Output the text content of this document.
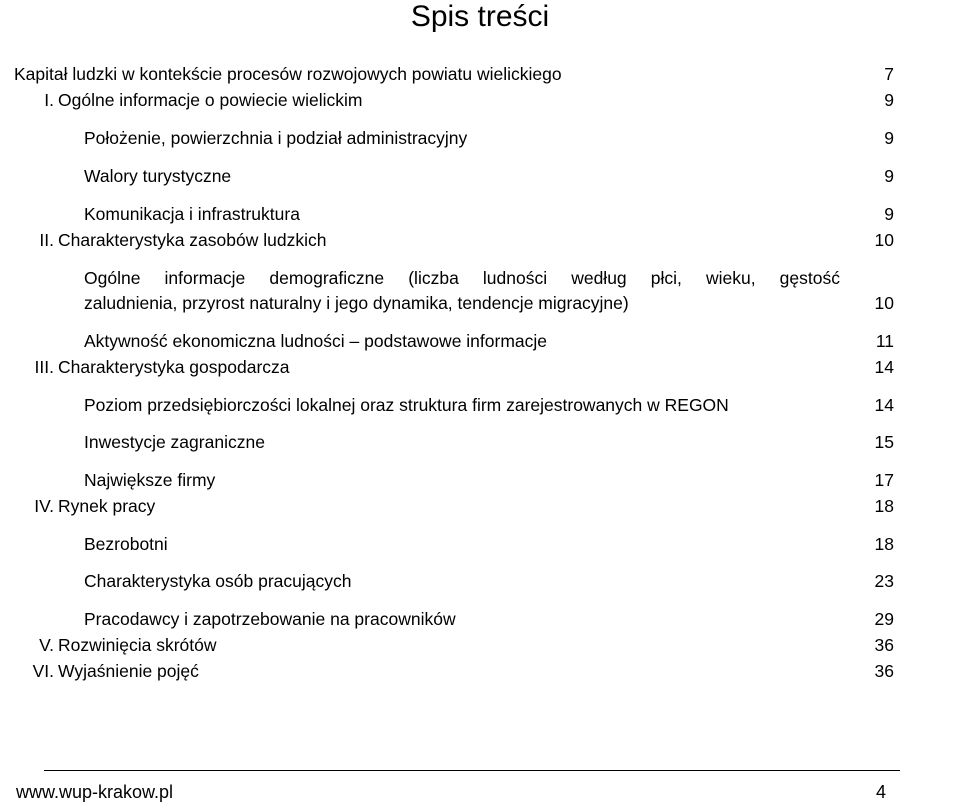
Spis treści
Kapitał ludzki w kontekście procesów rozwojowych powiatu wielickiego	7
I. Ogólne informacje o powiecie wielickim	9
Położenie, powierzchnia i podział administracyjny	9
Walory turystyczne	9
Komunikacja i infrastruktura	9
II. Charakterystyka zasobów ludzkich	10
Ogólne informacje demograficzne (liczba ludności według płci, wieku, gęstość
zaludnienia, przyrost naturalny i jego dynamika, tendencje migracyjne)	10
Aktywność ekonomiczna ludności – podstawowe informacje	11
III. Charakterystyka gospodarcza	14
Poziom przedsiębiorczości lokalnej oraz struktura firm zarejestrowanych w REGON	14
Inwestycje zagraniczne	15
Największe firmy	17
IV. Rynek pracy	18
Bezrobotni	18
Charakterystyka osób pracujących	23
Pracodawcy i zapotrzebowanie na pracowników	29
V. Rozwinięcia skrótów	36
VI. Wyjaśnienie pojęć	36
www.wup-krakow.pl	4
